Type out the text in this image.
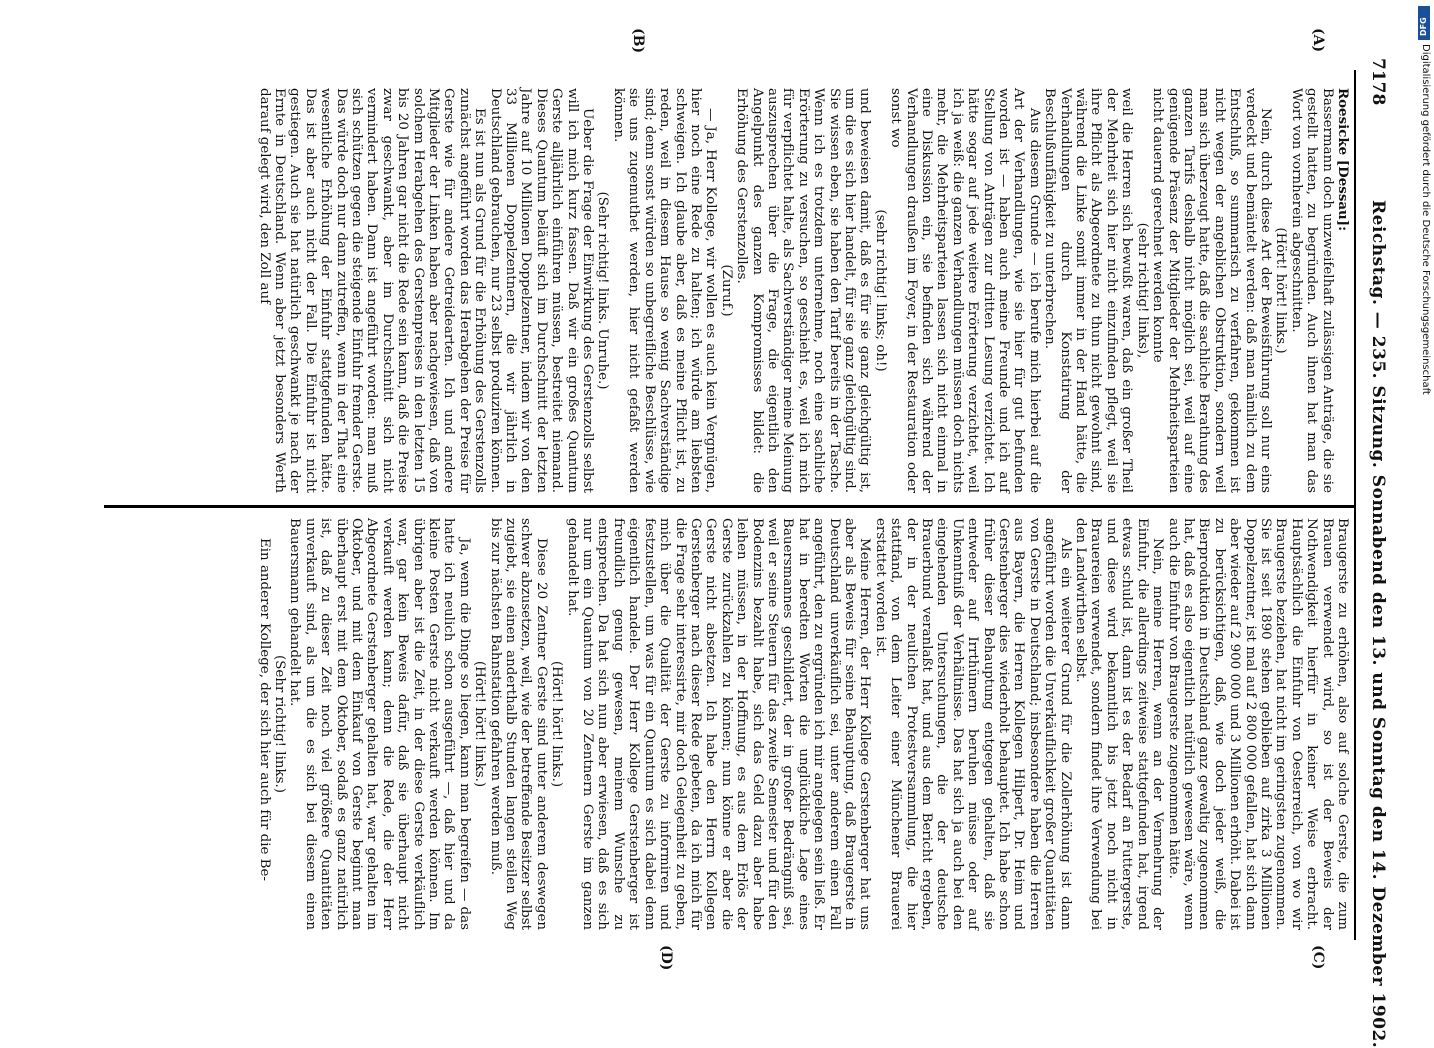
7178
Reichstag. — 235. Sitzung. Sonnabend den 13. und Sonntag den 14. Dezember 1902.
(A)
(B)
(C)
(D)

Roesicke [Dessau]:

Bassermann doch unzweifelhaft zulässigen Anträge, die sie gestellt hatten, zu begründen. Auch ihnen hat man das Wort von vornherein abgeschnitten.

(Hört! hört! links.)

Nein, durch diese Art der Beweisführung soll nur eins verdeckt und bemäntelt werden: daß man nämlich zu dem Entschluß, so summarisch zu verfahren, gekommen ist nicht wegen der angeblichen Obstruktion, sondern weil man sich überzeugt hatte, daß die sachliche Berathung des ganzen Tarifs deshalb nicht möglich sei, weil auf eine genügende Präsenz der Mitglieder der Mehrheitsparteien nicht dauernd gerechnet werden konnte

(sehr richtig! links),

weil die Herren sich bewußt waren, daß ein großer Theil der Mehrheit sich hier nicht einzufinden pflegt, weil sie ihre Pflicht als Abgeordnete zu thun nicht gewohnt sind, während die Linke somit immer in der Hand hätte, die Verhandlungen durch Konstatirung der Beschlußunfähigkeit zu unterbrechen.

Aus diesem Grunde — ich berufe mich hierbei auf die Art der Verhandlungen, wie sie hier für gut befunden worden ist — haben auch meine Freunde und ich auf Stellung von Anträgen zur dritten Lesung verzichtet. Ich hätte sogar auf jede weitere Erörterung verzichtet, weil ich ja weiß: die ganzen Verhandlungen müssen doch nichts mehr, die Mehrheitsparteien lassen sich nicht einmal in eine Diskussion ein, sie befinden sich während der Verhandlungen draußen im Foyer, in der Restauration oder sonst wo

(sehr richtig! links; oh!)

und beweisen damit, daß es für sie ganz gleichgültig ist, um die es sich hier handelt, für sie ganz gleichgültig sind. Sie wissen eben, sie haben den Tarif bereits in der Tasche. Wenn ich es trotzdem unternehme, noch eine sachliche Erörterung zu versuchen, so geschieht es, weil ich mich für verpflichtet halte, als Sachverständiger meine Meinung auszusprechen über die Frage, die eigentlich den Angelpunkt des ganzen Kompromisses bildet: die Erhöhung des Gerstenzolles.

(Zuruf.)

— Ja, Herr Kollege, wir wollen es auch kein Vergnügen, hier noch eine Rede zu halten; ich würde am liebsten schweigen. Ich glaube aber, daß es meine Pflicht ist, zu reden, weil in diesem Hause so wenig Sachverständige sind; denn sonst würden so unbegreifliche Beschlüsse, wie sie uns zugemuthet werden, hier nicht gefaßt werden können.

(Sehr richtig! links. Unruhe.)

Ueber die Frage der Einwirkung des Gerstenzolls selbst will ich mich kurz fassen. Daß wir ein großes Quantum Gerste alljährlich einführen müssen, bestreitet niemand. Dieses Quantum beläuft sich im Durchschnitt der letzten Jahre auf 10 Millionen Doppelzentner, indem wir von den 33 Millionen Doppelzentnern, die wir jährlich in Deutschland gebrauchen, nur 23 selbst produziren können.

Es ist nun als Grund für die Erhöhung des Gerstenzolls zunächst angeführt worden das Herabgehen der Preise für Gerste wie für andere Getreidearten. Ich und andere Mitglieder der Linken haben aber nachgewiesen, daß von solchem Herabgehen des Gerstenpreises in den letzten 15 bis 20 Jahren gar nicht die Rede sein kann, daß die Preise zwar geschwankt, aber im Durchschnitt sich nicht vermindert haben. Dann ist angeführt worden: man muß sich schützen gegen die steigende Einfuhr fremder Gerste. Das würde doch nur dann zutreffen, wenn in der That eine wesentliche Erhöhung der Einfuhr stattgefunden hätte. Das ist aber auch nicht der Fall. Die Einfuhr ist nicht gestiegen. Auch sie hat natürlich geschwankt je nach der Ernte in Deutschland. Wenn aber jetzt besonders Werth darauf gelegt wird, den Zoll auf

Braugerste zu erhöhen, also auf solche Gerste, die zum Brauen verwendet wird, so ist der Beweis der Nothwendigkeit hierfür in keiner Weise erbracht. Hauptsächlich die Einfuhr von Oesterreich, von wo wir Braugerste beziehen, hat nicht im geringsten zugenommen. Sie ist seit 1890 stehen geblieben auf zirka 3 Millionen Doppelzentner, ist mal auf 2 800 000 gefallen, hat sich dann aber wieder auf 2 900 000 und 3 Millionen erhöht. Dabei ist zu berücksichtigen, daß, wie doch jeder weiß, die Bierproduktion in Deutschland ganz gewaltig zugenommen hat, daß es also eigentlich natürlich gewesen wäre, wenn auch die Einfuhr von Braugerste zugenommen hätte.

Nein, meine Herren, wenn an der Vermehrung der Einfuhr, die allerdings zeitweise stattgefunden hat, irgend etwas schuld ist, dann ist es der Bedarf an Futtergerste, und diese wird bekanntlich bis jetzt noch nicht in Brauereien verwendet, sondern findet ihre Verwendung bei den Landwirthen selbst.

Als ein weiterer Grund für die Zollerhöhung ist dann angeführt worden die Unverkäuflichkeit großer Quantitäten von Gerste in Deutschland; insbesondere haben die Herren aus Bayern, die Herren Kollegen Hilpert, Dr. Heim und Gerstenberger dies wiederholt behauptet. Ich habe schon früher dieser Behauptung entgegen gehalten, daß sie entweder auf Irrthümern beruhen müsse oder auf Unkenntniß der Verhältnisse. Das hat sich ja auch bei den eingehenden Untersuchungen, die der deutsche Brauerbund veranlaßt hat, und aus dem Bericht ergeben, der in der neulichen Protestversammlung, die hier stattfand, von dem Leiter einer Münchener Brauerei erstattet worden ist.

Meine Herren, der Herr Kollege Gerstenberger hat uns aber als Beweis für seine Behauptung, daß Braugerste in Deutschland unverkäuflich sei, unter anderem einen Fall angeführt, den zu ergründen ich mir angelegen sein ließ. Er hat in beredten Worten die unglückliche Lage eines Bauersmannes geschildert, der in großer Bedrängniß sei, weil er seine Steuern für das zweite Semester und für den Bodenzins bezahlt habe, sich das Geld dazu aber habe leihen müssen, in der Hoffnung, es aus dem Erlös der Gerste zurückzahlen zu können; nun könne er aber die Gerste nicht absetzen. Ich habe den Herrn Kollegen Gerstenberger nach dieser Rede gebeten, da ich mich für die Frage sehr interessirte, mir doch Gelegenheit zu geben, mich über die Qualität der Gerste zu informiren und festzustellen, um was für ein Quantum es sich dabei denn eigentlich handele. Der Herr Kollege Gerstenberger ist freundlich genug gewesen, meinem Wunsche zu entsprechen. Da hat sich nun aber erwiesen, daß es sich nur um ein Quantum von 20 Zentnern Gerste im ganzen gehandelt hat.

(Hört! hört! links.)

Diese 20 Zentner Gerste sind unter anderem deswegen schwer abzusetzen, weil, wie der betreffende Besitzer selbst zugiebt, sie einen anderthalb Stunden langen steilen Weg bis zur nächsten Bahnstation gefahren werden muß.

(Hört! hört! links.)

Ja, wenn die Dinge so liegen, kann man begreifen — das hatte ich neulich schon ausgeführt —, daß hier und da kleine Posten Gerste nicht verkauft werden können. Im übrigen aber ist die Zeit, in der diese Gerste verkäuflich war, gar kein Beweis dafür, daß sie überhaupt nicht verkauft werden kann; denn die Rede, die der Herr Abgeordnete Gerstenberger gehalten hat, war gehalten im Oktober, und mit dem Einkauf von Gerste beginnt man überhaupt erst mit dem Oktober, sodaß es ganz natürlich ist, daß zu dieser Zeit noch viel größere Quantitäten unverkauft sind, als um die es sich bei diesem einen Bauersmann gehandelt hat.

(Sehr richtig! links.)

Ein anderer Kollege, der sich hier auch für die Be-

DFG
Digitalisierung gefördert durch die Deutsche Forschungsgemeinschaft
